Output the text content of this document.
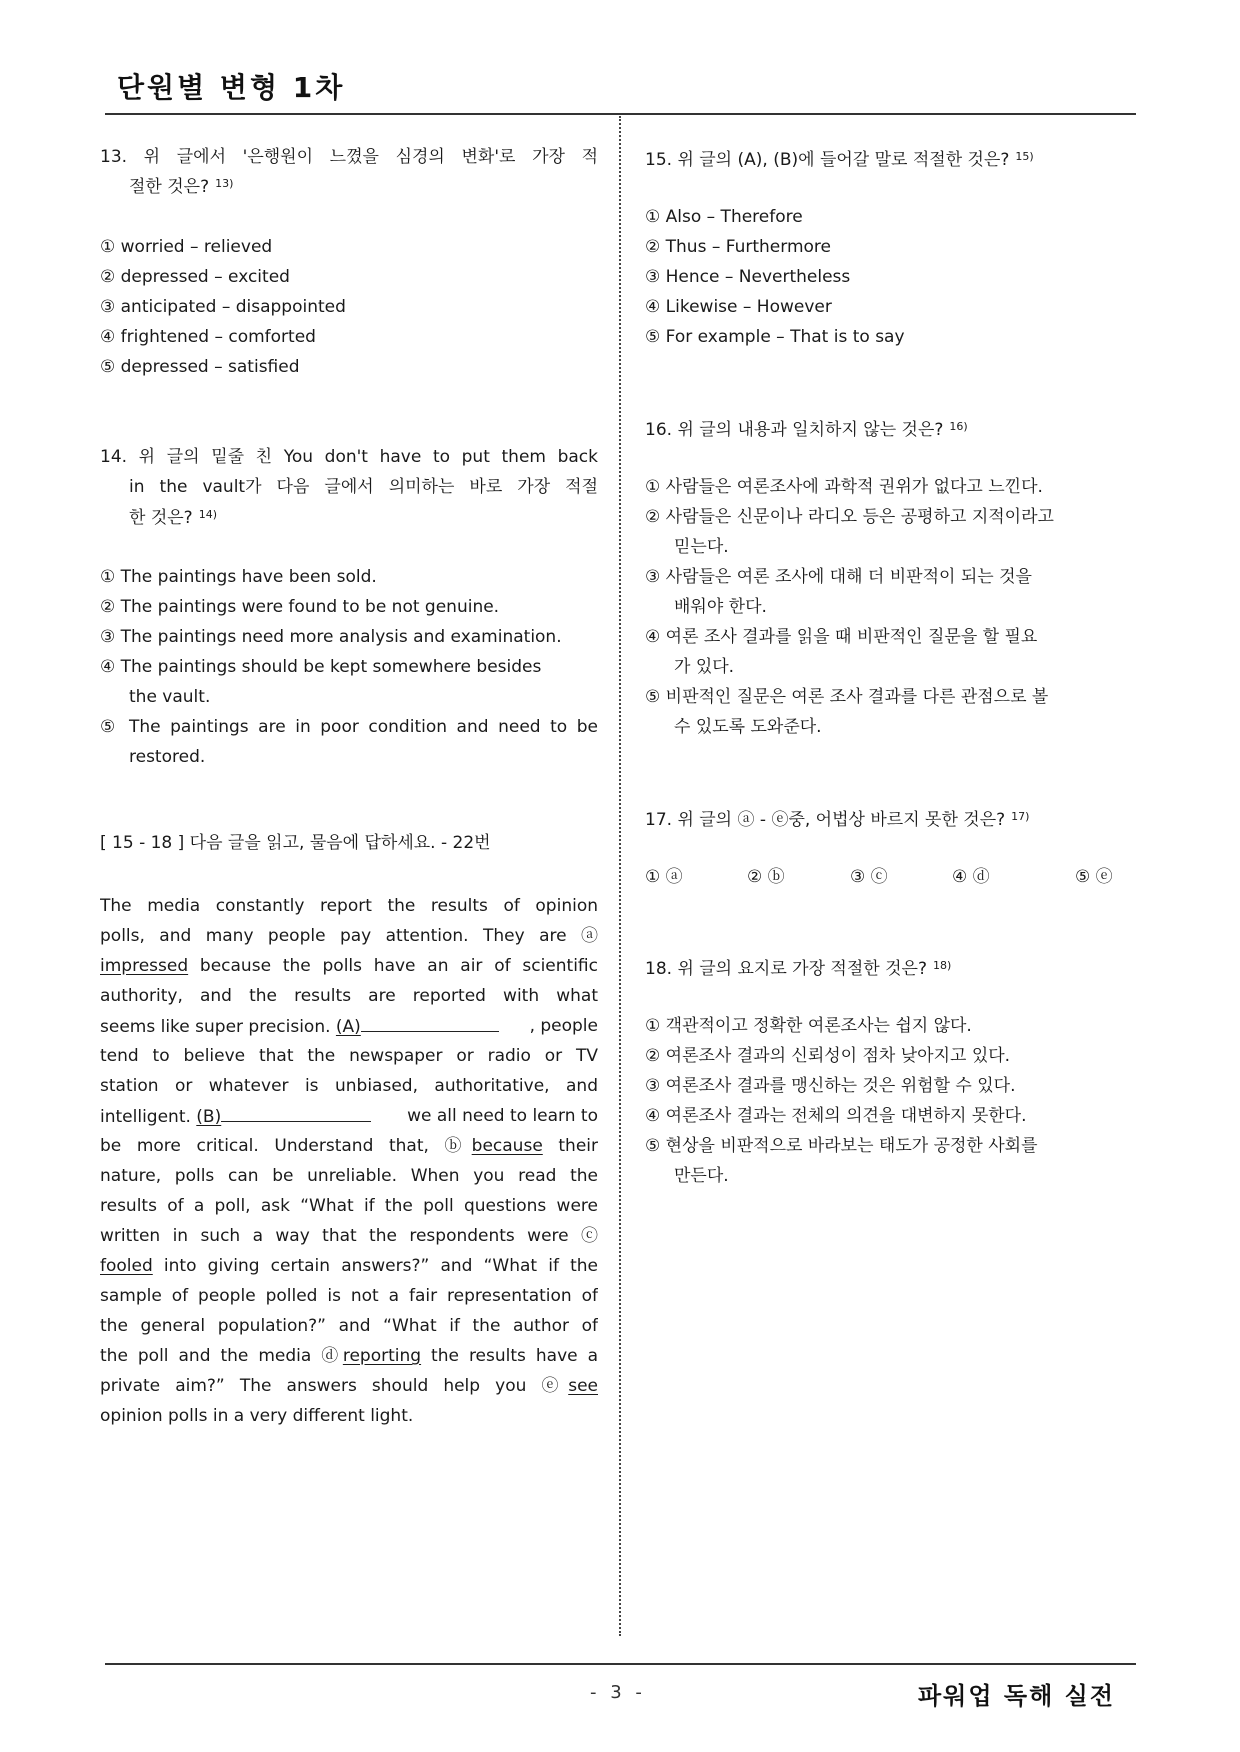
단원별 변형 1차
13. 위 글에서 '은행원이 느꼈을 심경의 변화'로 가장 적
절한 것은? $^{13)}$
① worried – relieved
② depressed – excited
③ anticipated – disappointed
④ frightened – comforted
⑤ depressed – satisfied
14. 위 글의 밑줄 친 You don't have to put them back
in the vault가 다음 글에서 의미하는 바로 가장 적절
한 것은? $^{14)}$
① The paintings have been sold.
② The paintings were found to be not genuine.
③ The paintings need more analysis and examination.
④ The paintings should be kept somewhere besides
the vault.
⑤ The paintings are in poor condition and need to be
restored.
[ 15 - 18 ] 다음 글을 읽고, 물음에 답하세요. - 22번
The media constantly report the results of opinion
polls, and many people pay attention. They are ⓐ
impressed because the polls have an air of scientific
authority, and the results are reported with what
seems like super precision. (A)	, people
tend to believe that the newspaper or radio or TV
station or whatever is unbiased, authoritative, and
intelligent. (B)	we all need to learn to
be more critical. Understand that, ⓑbecause their
nature, polls can be unreliable. When you read the
results of a poll, ask “What if the poll questions were
written in such a way that the respondents were ⓒ
fooled into giving certain answers?” and “What if the
sample of people polled is not a fair representation of
the general population?” and “What if the author of
the poll and the media ⓓreporting the results have a
private aim?” The answers should help you ⓔsee
opinion polls in a very different light.
15. 위 글의 (A), (B)에 들어갈 말로 적절한 것은? $^{15)}$
① Also – Therefore
② Thus – Furthermore
③ Hence – Nevertheless
④ Likewise – However
⑤ For example – That is to say
16. 위 글의 내용과 일치하지 않는 것은? $^{16)}$
① 사람들은 여론조사에 과학적 권위가 없다고 느낀다.
② 사람들은 신문이나 라디오 등은 공평하고 지적이라고
믿는다.
③ 사람들은 여론 조사에 대해 더 비판적이 되는 것을
배워야 한다.
④ 여론 조사 결과를 읽을 때 비판적인 질문을 할 필요
가 있다.
⑤ 비판적인 질문은 여론 조사 결과를 다른 관점으로 볼
수 있도록 도와준다.
17. 위 글의 ⓐ - ⓔ중, 어법상 바르지 못한 것은? $^{17)}$
① ⓐ	② ⓑ	③ ⓒ	④ ⓓ	⑤ ⓔ
18. 위 글의 요지로 가장 적절한 것은? $^{18)}$
① 객관적이고 정확한 여론조사는 쉽지 않다.
② 여론조사 결과의 신뢰성이 점차 낮아지고 있다.
③ 여론조사 결과를 맹신하는 것은 위험할 수 있다.
④ 여론조사 결과는 전체의 의견을 대변하지 못한다.
⑤ 현상을 비판적으로 바라보는 태도가 공정한 사회를
만든다.
- 3 -	파워업 독해 실전
